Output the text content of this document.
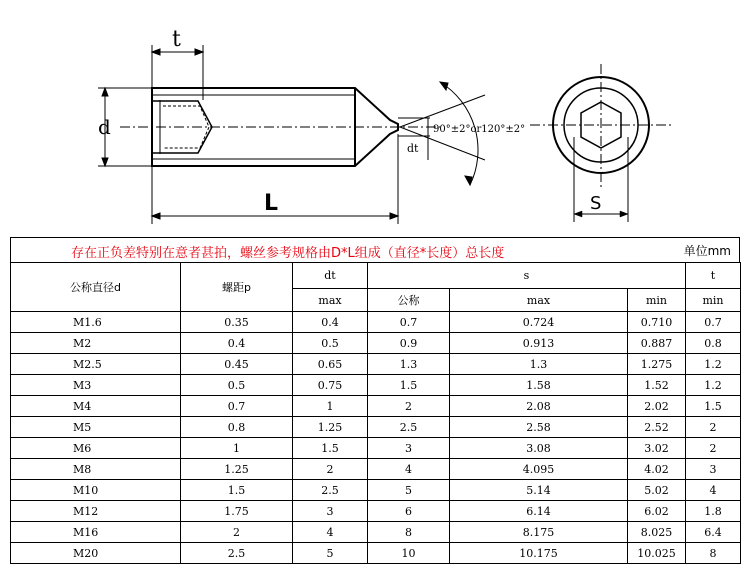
t
d
L
dt
90°±2°or120°±2°
S
存在正负差特别在意者甚拍，螺丝参考规格由D*L组成（直径*长度）总长度	单位mm
公称直径d	螺距p	dt	s			t
		max	公称	max	min	min
M1.6	0.35	0.4	0.7	0.724	0.710	0.7
M2	0.4	0.5	0.9	0.913	0.887	0.8
M2.5	0.45	0.65	1.3	1.3	1.275	1.2
M3	0.5	0.75	1.5	1.58	1.52	1.2
M4	0.7	1	2	2.08	2.02	1.5
M5	0.8	1.25	2.5	2.58	2.52	2
M6	1	1.5	3	3.08	3.02	2
M8	1.25	2	4	4.095	4.02	3
M10	1.5	2.5	5	5.14	5.02	4
M12	1.75	3	6	6.14	6.02	1.8
M16	2	4	8	8.175	8.025	6.4
M20	2.5	5	10	10.175	10.025	8
